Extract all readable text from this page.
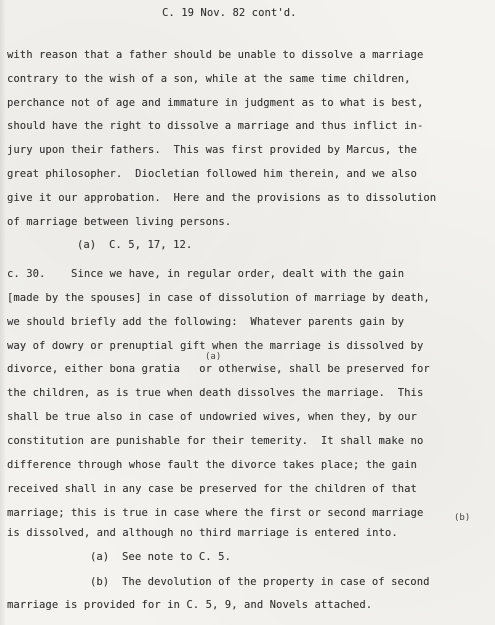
C. 19 Nov. 82 cont'd.
with reason that a father should be unable to dissolve a marriage
contrary to the wish of a son, while at the same time children,
perchance not of age and immature in judgment as to what is best,
should have the right to dissolve a marriage and thus inflict in-
jury upon their fathers.  This was first provided by Marcus, the
great philosopher.  Diocletian followed him therein, and we also
give it our approbation.  Here and the provisions as to dissolution
of marriage between living persons.
(a)  C. 5, 17, 12.
c. 30.    Since we have, in regular order, dealt with the gain
[made by the spouses] in case of dissolution of marriage by death,
we should briefly add the following:  Whatever parents gain by
way of dowry or prenuptial gift when the marriage is dissolved by
(a)
divorce, either bona gratia   or otherwise, shall be preserved for
the children, as is true when death dissolves the marriage.  This
shall be true also in case of undowried wives, when they, by our
constitution are punishable for their temerity.  It shall make no
difference through whose fault the divorce takes place; the gain
received shall in any case be preserved for the children of that
marriage; this is true in case where the first or second marriage	(b)
is dissolved, and although no third marriage is entered into.
(a)  See note to C. 5.
(b)  The devolution of the property in case of second
marriage is provided for in C. 5, 9, and Novels attached.
